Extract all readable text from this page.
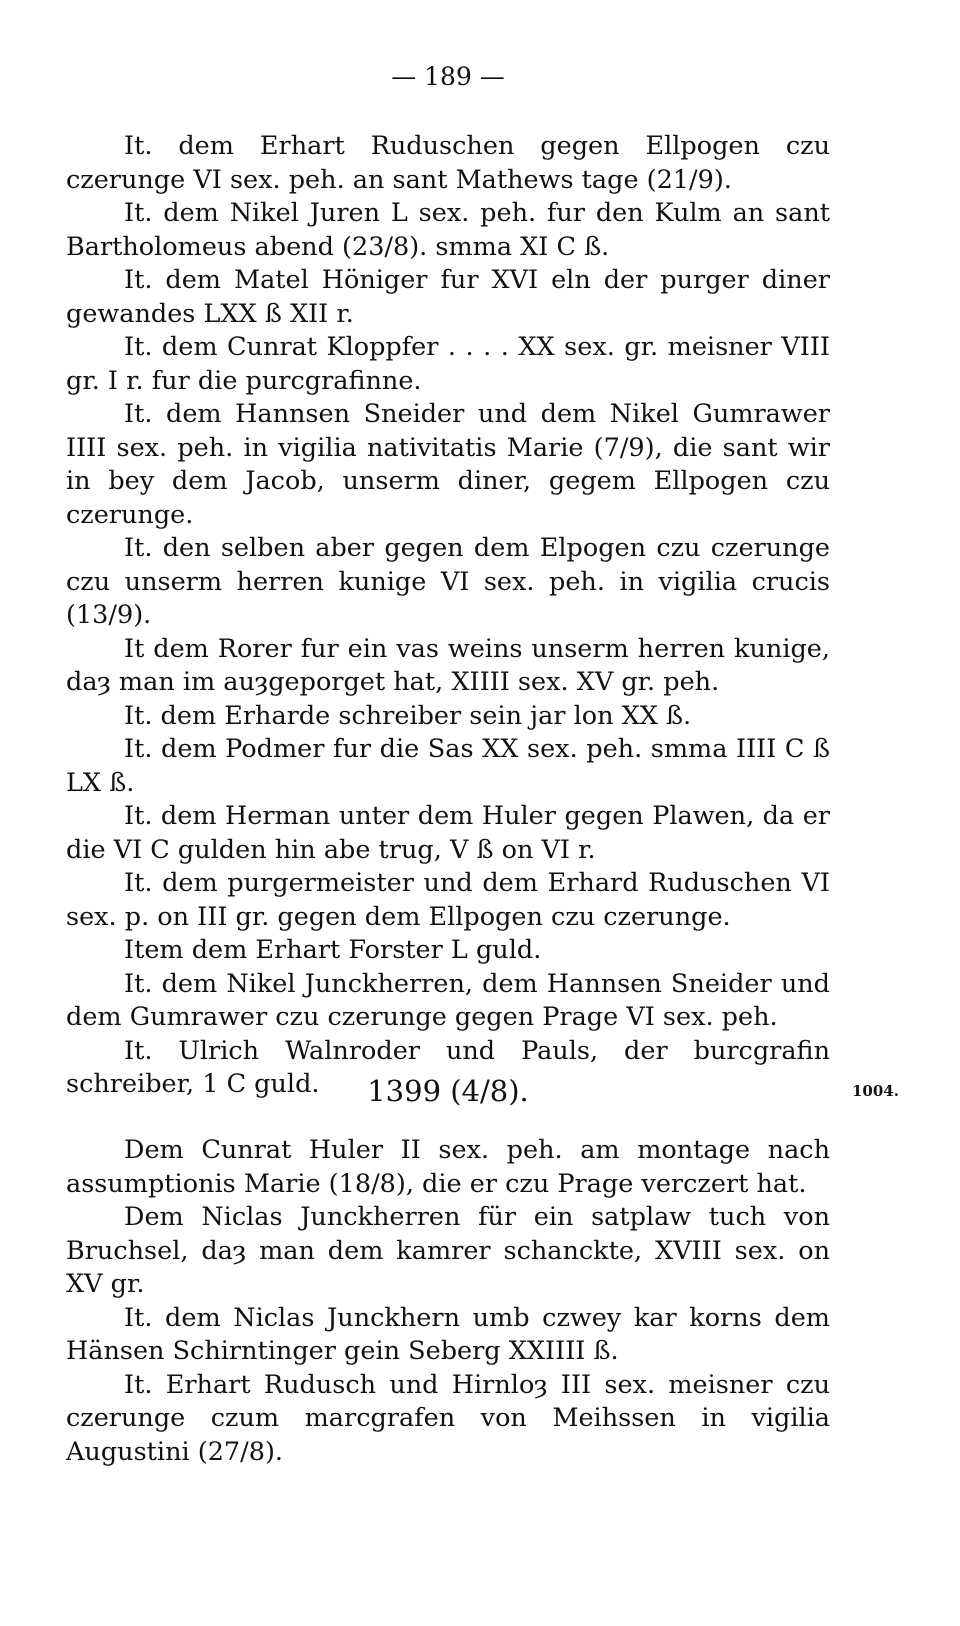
— 189 —

It. dem Erhart Ruduschen gegen Ellpogen czu czerunge VI sex. peh. an sant Mathews tage (21/9).

It. dem Nikel Juren L sex. peh. fur den Kulm an sant Bartholomeus abend (23/8). smma XI C ß.

It. dem Matel Höniger fur XVI eln der purger diner gewandes LXX ß XII r.

It. dem Cunrat Kloppfer . . . . XX sex. gr. meisner VIII gr. I r. fur die purcgrafinne.

It. dem Hannsen Sneider und dem Nikel Gumrawer IIII sex. peh. in vigilia nativitatis Marie (7/9), die sant wir in bey dem Jacob, unserm diner, gegem Ellpogen czu czerunge.

It. den selben aber gegen dem Elpogen czu czerunge czu unserm herren kunige VI sex. peh. in vigilia crucis (13/9).

It dem Rorer fur ein vas weins unserm herren kunige, daȝ man im auȝgeporget hat, XIIII sex. XV gr. peh.

It. dem Erharde schreiber sein jar lon XX ß.

It. dem Podmer fur die Sas XX sex. peh. smma IIII C ß LX ß.

It. dem Herman unter dem Huler gegen Plawen, da er die VI C gulden hin abe trug, V ß on VI r.

It. dem purgermeister und dem Erhard Ruduschen VI sex. p. on III gr. gegen dem Ellpogen czu czerunge.

Item dem Erhart Forster L guld.

It. dem Nikel Junckherren, dem Hannsen Sneider und dem Gumrawer czu czerunge gegen Prage VI sex. peh.

It. Ulrich Walnroder und Pauls, der burcgrafin schreiber, 1 C guld.	1399 (4/8).

Dem Cunrat Huler II sex. peh. am montage nach assumptionis Marie (18/8), die er czu Prage verczert hat.

Dem Niclas Junckherren für ein satplaw tuch von Bruchsel, daȝ man dem kamrer schanckte, XVIII sex. on XV gr.

It. dem Niclas Junckhern umb czwey kar korns dem Hänsen Schirntinger gein Seberg XXIIII ß.

It. Erhart Rudusch und Hirnloȝ III sex. meisner czu czerunge czum marcgrafen von Meihssen in vigilia Augustini (27/8).

1004.
